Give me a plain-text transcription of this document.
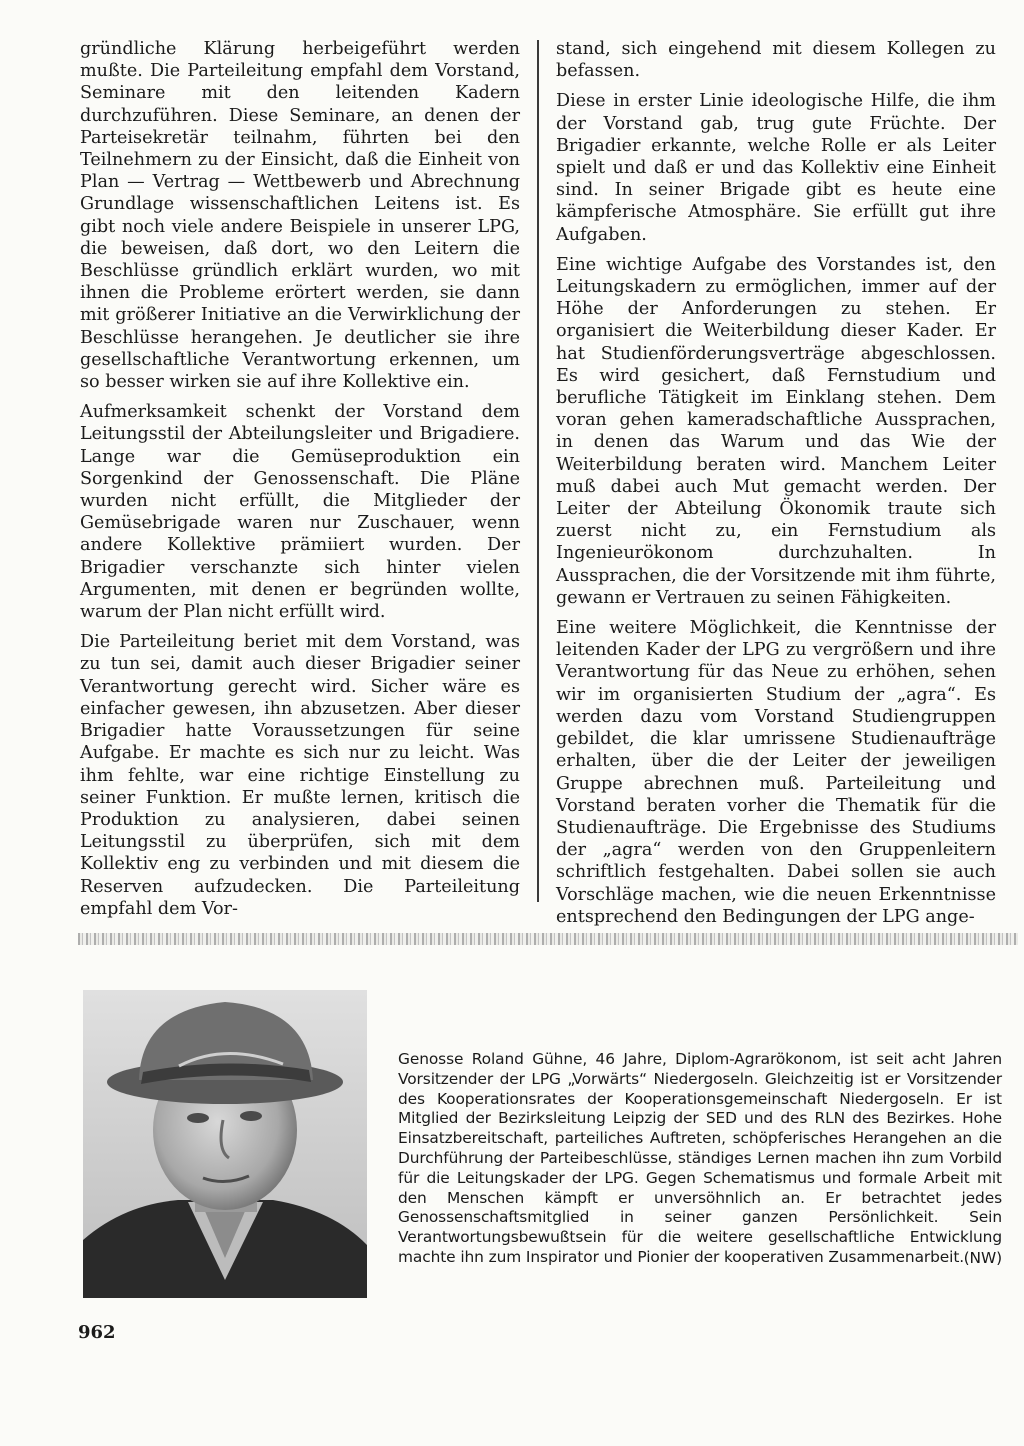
gründliche Klärung herbeigeführt werden mußte. Die Parteileitung empfahl dem Vorstand, Seminare mit den leitenden Kadern durchzuführen. Diese Seminare, an denen der Parteisekretär teilnahm, führten bei den Teilnehmern zu der Einsicht, daß die Einheit von Plan — Vertrag — Wettbewerb und Abrechnung Grundlage wissenschaftlichen Leitens ist. Es gibt noch viele andere Beispiele in unserer LPG, die beweisen, daß dort, wo den Leitern die Beschlüsse gründlich erklärt wurden, wo mit ihnen die Probleme erörtert werden, sie dann mit größerer Initiative an die Verwirklichung der Beschlüsse herangehen. Je deutlicher sie ihre gesellschaftliche Verantwortung erkennen, um so besser wirken sie auf ihre Kollektive ein.

Aufmerksamkeit schenkt der Vorstand dem Leitungsstil der Abteilungsleiter und Brigadiere. Lange war die Gemüseproduktion ein Sorgenkind der Genossenschaft. Die Pläne wurden nicht erfüllt, die Mitglieder der Gemüsebrigade waren nur Zuschauer, wenn andere Kollektive prämiiert wurden. Der Brigadier verschanzte sich hinter vielen Argumenten, mit denen er begründen wollte, warum der Plan nicht erfüllt wird.

Die Parteileitung beriet mit dem Vorstand, was zu tun sei, damit auch dieser Brigadier seiner Verantwortung gerecht wird. Sicher wäre es einfacher gewesen, ihn abzusetzen. Aber dieser Brigadier hatte Voraussetzungen für seine Aufgabe. Er machte es sich nur zu leicht. Was ihm fehlte, war eine richtige Einstellung zu seiner Funktion. Er mußte lernen, kritisch die Produktion zu analysieren, dabei seinen Leitungsstil zu überprüfen, sich mit dem Kollektiv eng zu verbinden und mit diesem die Reserven aufzudecken. Die Parteileitung empfahl dem Vor-

stand, sich eingehend mit diesem Kollegen zu befassen.

Diese in erster Linie ideologische Hilfe, die ihm der Vorstand gab, trug gute Früchte. Der Brigadier erkannte, welche Rolle er als Leiter spielt und daß er und das Kollektiv eine Einheit sind. In seiner Brigade gibt es heute eine kämpferische Atmosphäre. Sie erfüllt gut ihre Aufgaben.

Eine wichtige Aufgabe des Vorstandes ist, den Leitungskadern zu ermöglichen, immer auf der Höhe der Anforderungen zu stehen. Er organisiert die Weiterbildung dieser Kader. Er hat Studienförderungsverträge abgeschlossen. Es wird gesichert, daß Fernstudium und berufliche Tätigkeit im Einklang stehen. Dem voran gehen kameradschaftliche Aussprachen, in denen das Warum und das Wie der Weiterbildung beraten wird. Manchem Leiter muß dabei auch Mut gemacht werden. Der Leiter der Abteilung Ökonomik traute sich zuerst nicht zu, ein Fernstudium als Ingenieurökonom durchzuhalten. In Aussprachen, die der Vorsitzende mit ihm führte, gewann er Vertrauen zu seinen Fähigkeiten.

Eine weitere Möglichkeit, die Kenntnisse der leitenden Kader der LPG zu vergrößern und ihre Verantwortung für das Neue zu erhöhen, sehen wir im organisierten Studium der „agra“. Es werden dazu vom Vorstand Studiengruppen gebildet, die klar umrissene Studienaufträge erhalten, über die der Leiter der jeweiligen Gruppe abrechnen muß. Parteileitung und Vorstand beraten vorher die Thematik für die Studienaufträge. Die Ergebnisse des Studiums der „agra“ werden von den Gruppenleitern schriftlich festgehalten. Dabei sollen sie auch Vorschläge machen, wie die neuen Erkenntnisse entsprechend den Bedingungen der LPG ange-

Genosse Roland Gühne, 46 Jahre, Diplom-Agrarökonom, ist seit acht Jahren Vorsitzender der LPG „Vorwärts“ Niedergoseln. Gleichzeitig ist er Vorsitzender des Kooperationsrates der Kooperationsgemeinschaft Niedergoseln. Er ist Mitglied der Bezirksleitung Leipzig der SED und des RLN des Bezirkes. Hohe Einsatzbereitschaft, parteiliches Auftreten, schöpferisches Herangehen an die Durchführung der Parteibeschlüsse, ständiges Lernen machen ihn zum Vorbild für die Leitungskader der LPG. Gegen Schematismus und formale Arbeit mit den Menschen kämpft er unversöhnlich an. Er betrachtet jedes Genossenschaftsmitglied in seiner ganzen Persönlichkeit. Sein Verantwortungsbewußtsein für die weitere gesellschaftliche Entwicklung machte ihn zum Inspirator und Pionier der kooperativen Zusammenarbeit. (NW)
962
